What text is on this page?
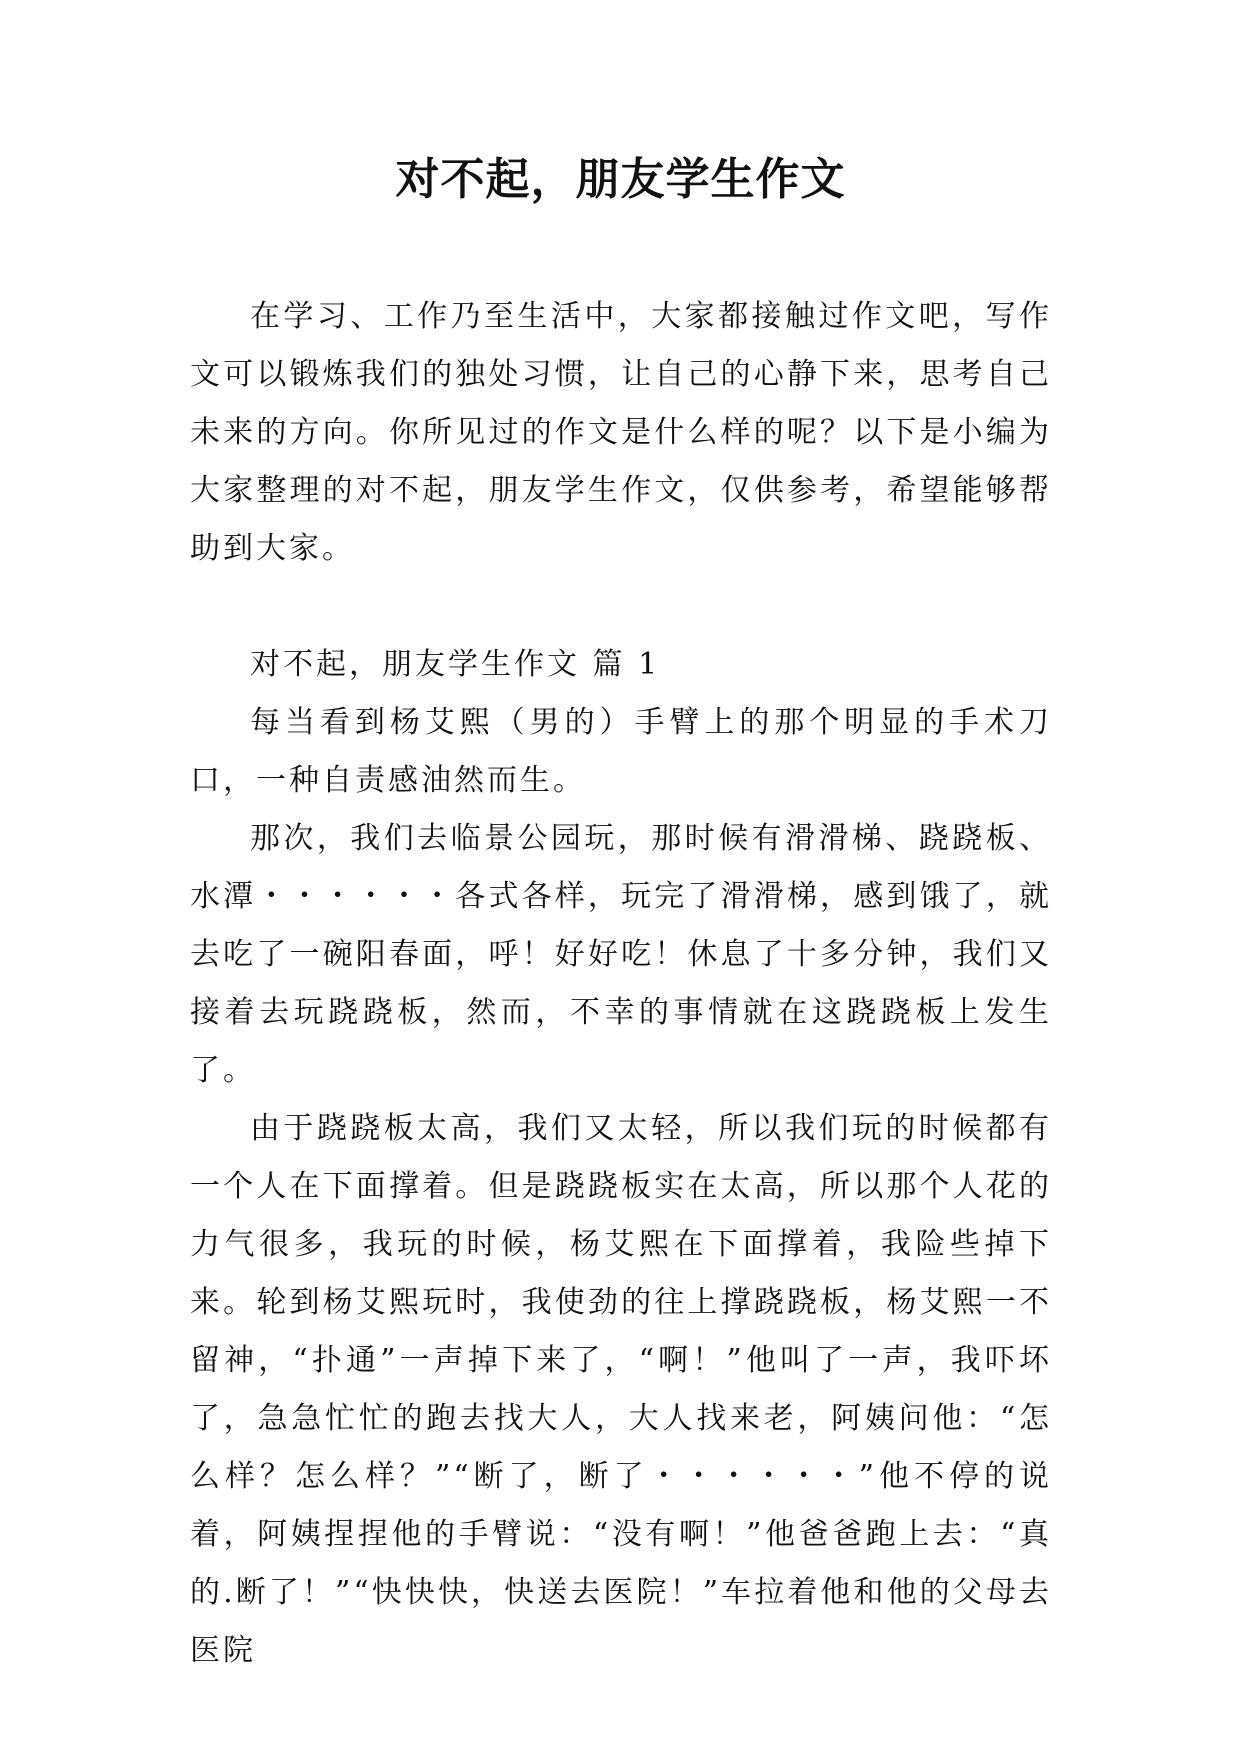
对不起，朋友学生作文

在学习、工作乃至生活中，大家都接触过作文吧，写作文可以锻炼我们的独处习惯，让自己的心静下来，思考自己未来的方向。你所见过的作文是什么样的呢？以下是小编为大家整理的对不起，朋友学生作文，仅供参考，希望能够帮助到大家。

对不起，朋友学生作文 篇 1

每当看到杨艾熙（男的）手臂上的那个明显的手术刀口，一种自责感油然而生。

那次，我们去临景公园玩，那时候有滑滑梯、跷跷板、水潭・・・・・・各式各样，玩完了滑滑梯，感到饿了，就去吃了一碗阳春面，呼！好好吃！休息了十多分钟，我们又接着去玩跷跷板，然而，不幸的事情就在这跷跷板上发生了。

由于跷跷板太高，我们又太轻，所以我们玩的时候都有一个人在下面撑着。但是跷跷板实在太高，所以那个人花的力气很多，我玩的时候，杨艾熙在下面撑着，我险些掉下来。轮到杨艾熙玩时，我使劲的往上撑跷跷板，杨艾熙一不留神，“扑通”一声掉下来了，“啊！”他叫了一声，我吓坏了，急急忙忙的跑去找大人，大人找来老，阿姨问他：“怎么样？怎么样？”“断了，断了・・・・・・”他不停的说着，阿姨捏捏他的手臂说：“没有啊！”他爸爸跑上去：“真的.断了！”“快快快，快送去医院！”车拉着他和他的父母去医院
